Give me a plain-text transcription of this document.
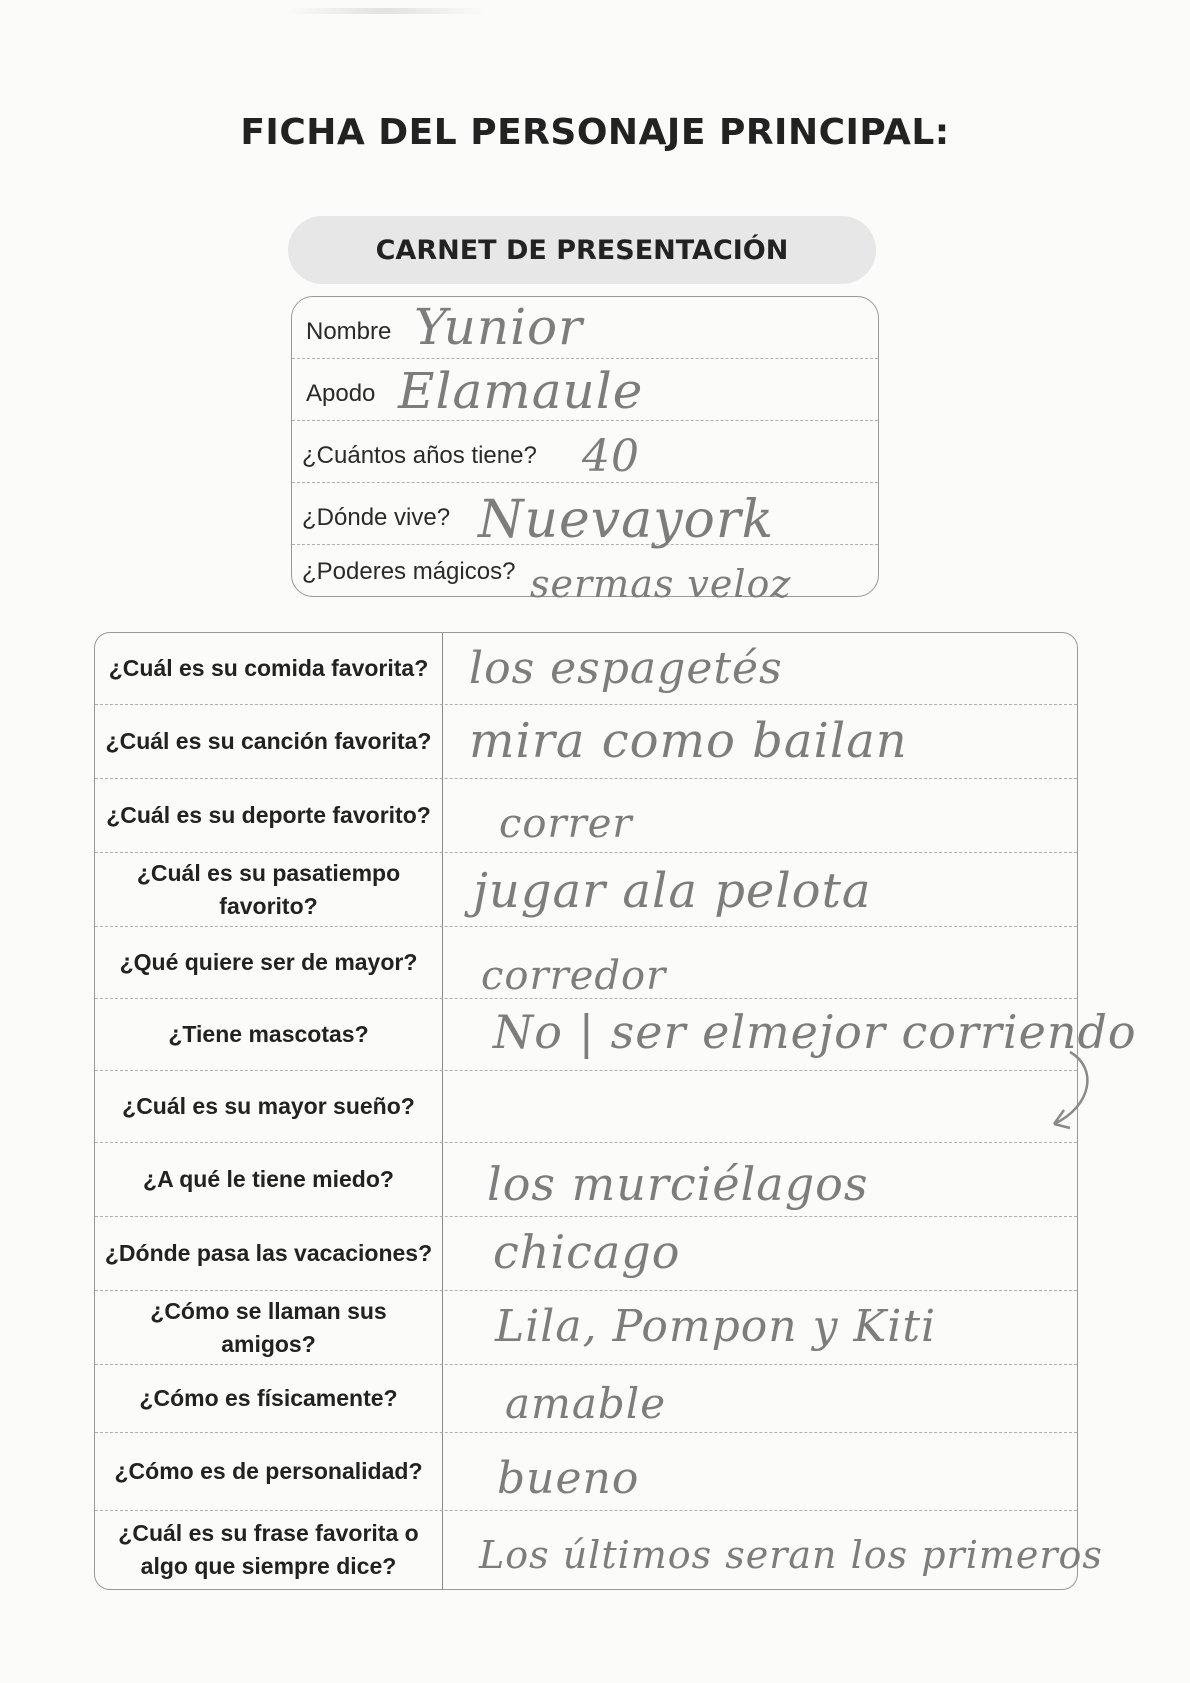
FICHA DEL PERSONAJE PRINCIPAL:
CARNET DE PRESENTACIÓN
Nombre Yunior
Apodo Elamaule
¿Cuántos años tiene? 40
¿Dónde vive? Nuevayork
¿Poderes mágicos? sermas veloz
¿Cuál es su comida favorita? los espagetés
¿Cuál es su canción favorita? mira como bailan
¿Cuál es su deporte favorito? correr
¿Cuál es su pasatiempo favorito?	jugar ala pelota
¿Qué quiere ser de mayor?	corredor
¿Tiene mascotas?	No | ser elmejor corriendo
¿Cuál es su mayor sueño?
¿A qué le tiene miedo?	los murciélagos
¿Dónde pasa las vacaciones? chicago
¿Cómo se llaman sus amigos?	Lila, Pompon y Kiti
¿Cómo es físicamente?	amable
¿Cómo es de personalidad?	bueno
¿Cuál es su frase favorita o algo que siempre dice?	Los últimos seran los primeros
